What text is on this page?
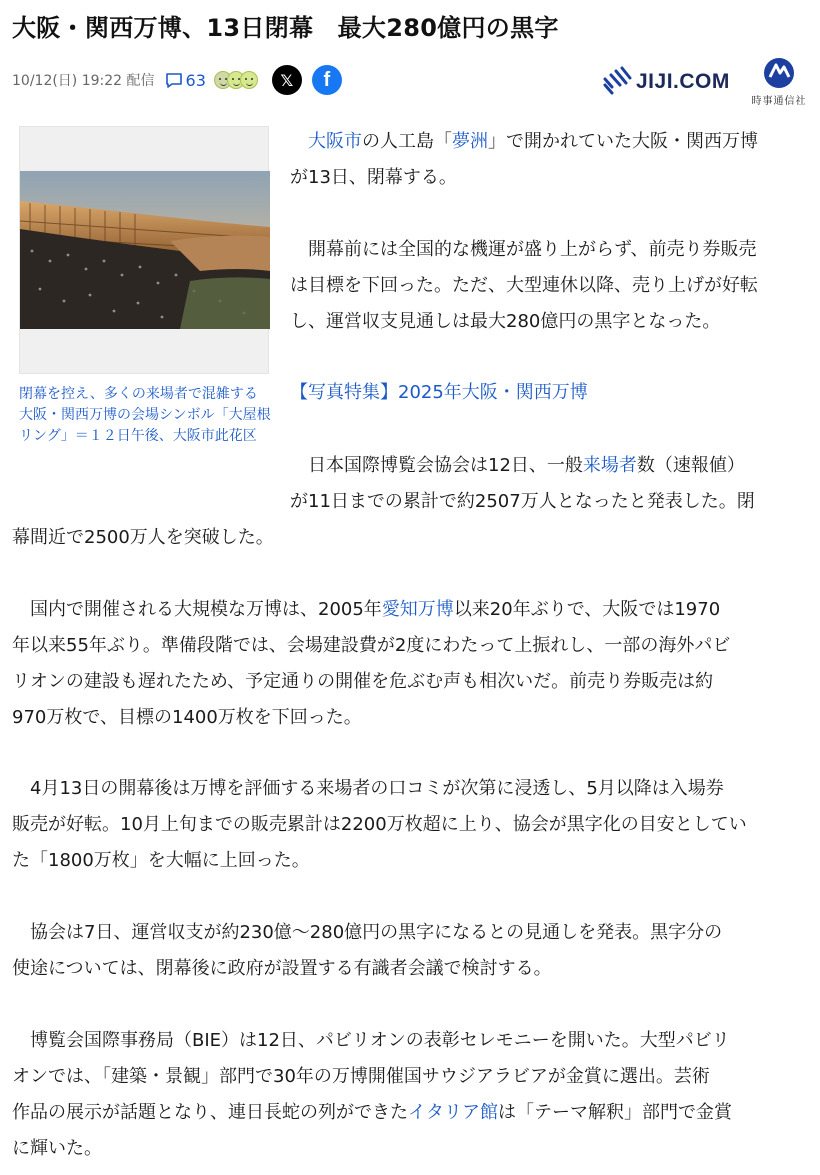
大阪・関西万博、13日閉幕　最大280億円の黒字
10/12(日) 19:22 配信 63	𝕏 f	JIJI.COM
時事通信社

閉幕を控え、多くの来場者で混雑する大阪・関西万博の会場シンボル「大屋根リング」＝１２日午後、大阪市此花区

　大阪市の人工島「夢洲」で開かれていた大阪・関西万博
が13日、閉幕する。
　開幕前には全国的な機運が盛り上がらず、前売り券販売
は目標を下回った。ただ、大型連休以降、売り上げが好転
し、運営収支見通しは最大280億円の黒字となった。
【写真特集】2025年大阪・関西万博
　日本国際博覧会協会は12日、一般来場者数（速報値）
が11日までの累計で約2507万人となったと発表した。閉
幕間近で2500万人を突破した。
　国内で開催される大規模な万博は、2005年愛知万博以来20年ぶりで、大阪では1970
年以来55年ぶり。準備段階では、会場建設費が2度にわたって上振れし、一部の海外パビ
リオンの建設も遅れたため、予定通りの開催を危ぶむ声も相次いだ。前売り券販売は約
970万枚で、目標の1400万枚を下回った。
　4月13日の開幕後は万博を評価する来場者の口コミが次第に浸透し、5月以降は入場券
販売が好転。10月上旬までの販売累計は2200万枚超に上り、協会が黒字化の目安としてい
た「1800万枚」を大幅に上回った。
　協会は7日、運営収支が約230億～280億円の黒字になるとの見通しを発表。黒字分の
使途については、閉幕後に政府が設置する有識者会議で検討する。
　博覧会国際事務局（BIE）は12日、パビリオンの表彰セレモニーを開いた。大型パビリ
オンでは、「建築・景観」部門で30年の万博開催国サウジアラビアが金賞に選出。芸術
作品の展示が話題となり、連日長蛇の列ができたイタリア館は「テーマ解釈」部門で金賞
に輝いた。
